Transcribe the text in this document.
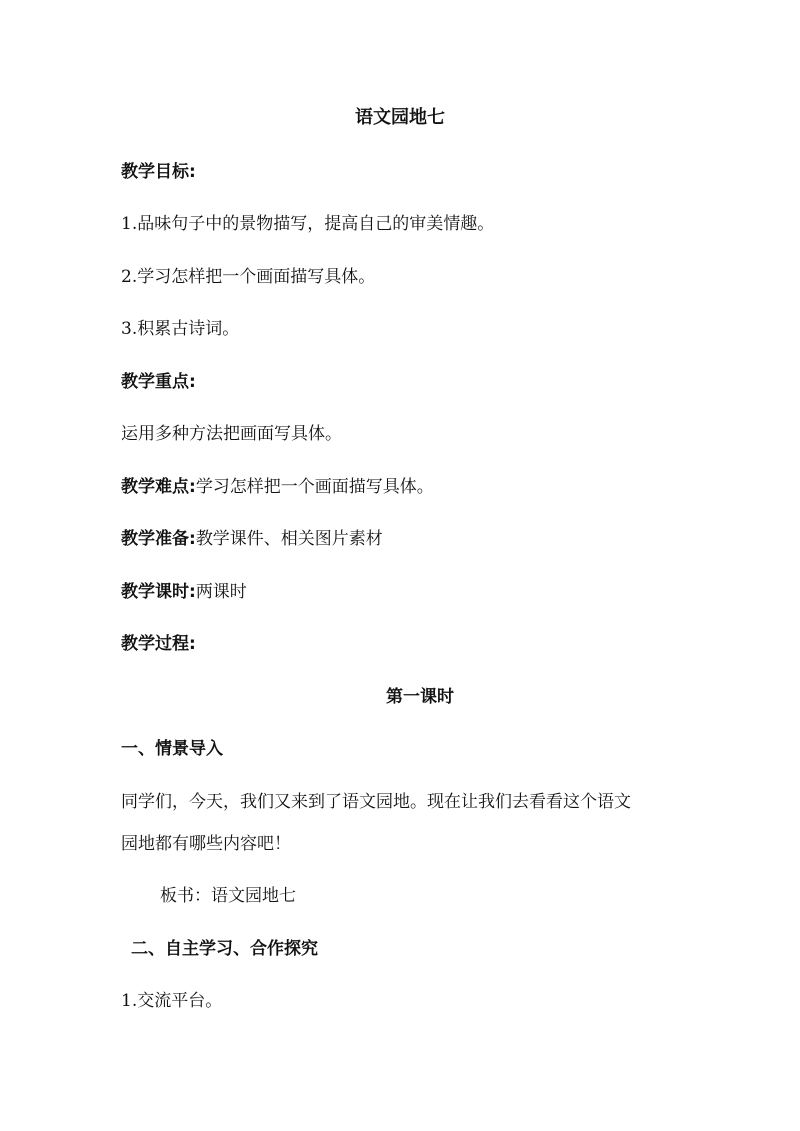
语文园地七
教学目标:
1.品味句子中的景物描写，提高自己的审美情趣。
2.学习怎样把一个画面描写具体。
3.积累古诗词。
教学重点:
运用多种方法把画面写具体。
教学难点:学习怎样把一个画面描写具体。
教学准备:教学课件、相关图片素材
教学课时:两课时
教学过程:
第一课时
一、情景导入
同学们，今天，我们又来到了语文园地。现在让我们去看看这个语文
园地都有哪些内容吧！
板书：语文园地七
二、自主学习、合作探究
1.交流平台。
